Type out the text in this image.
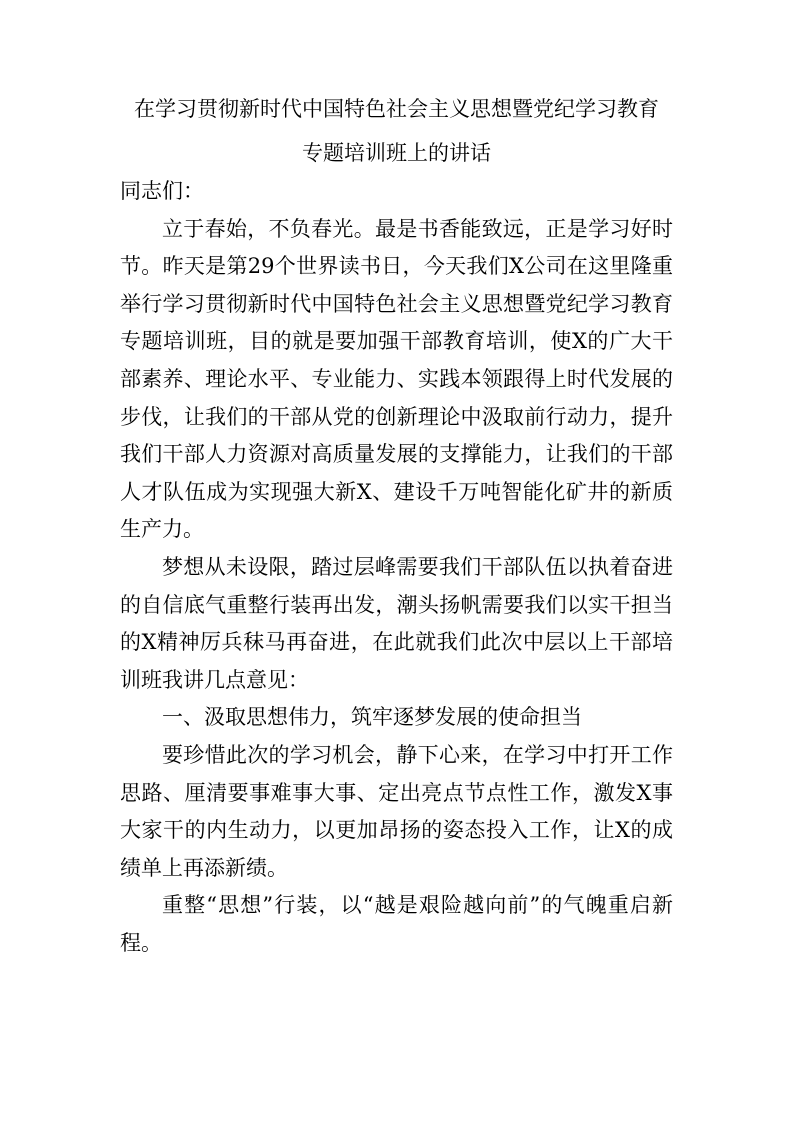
在学习贯彻新时代中国特色社会主义思想暨党纪学习教育
专题培训班上的讲话

同志们：

立于春始，不负春光。最是书香能致远，正是学习好时节。昨天是第29个世界读书日，今天我们X公司在这里隆重举行学习贯彻新时代中国特色社会主义思想暨党纪学习教育专题培训班，目的就是要加强干部教育培训，使X的广大干部素养、理论水平、专业能力、实践本领跟得上时代发展的步伐，让我们的干部从党的创新理论中汲取前行动力，提升我们干部人力资源对高质量发展的支撑能力，让我们的干部人才队伍成为实现强大新X、建设千万吨智能化矿井的新质生产力。

梦想从未设限，踏过层峰需要我们干部队伍以执着奋进的自信底气重整行装再出发，潮头扬帆需要我们以实干担当的X精神厉兵秣马再奋进，在此就我们此次中层以上干部培训班我讲几点意见：

一、汲取思想伟力，筑牢逐梦发展的使命担当

要珍惜此次的学习机会，静下心来，在学习中打开工作思路、厘清要事难事大事、定出亮点节点性工作，激发X事大家干的内生动力，以更加昂扬的姿态投入工作，让X的成绩单上再添新绩。

重整“思想”行装，以“越是艰险越向前”的气魄重启新程。
